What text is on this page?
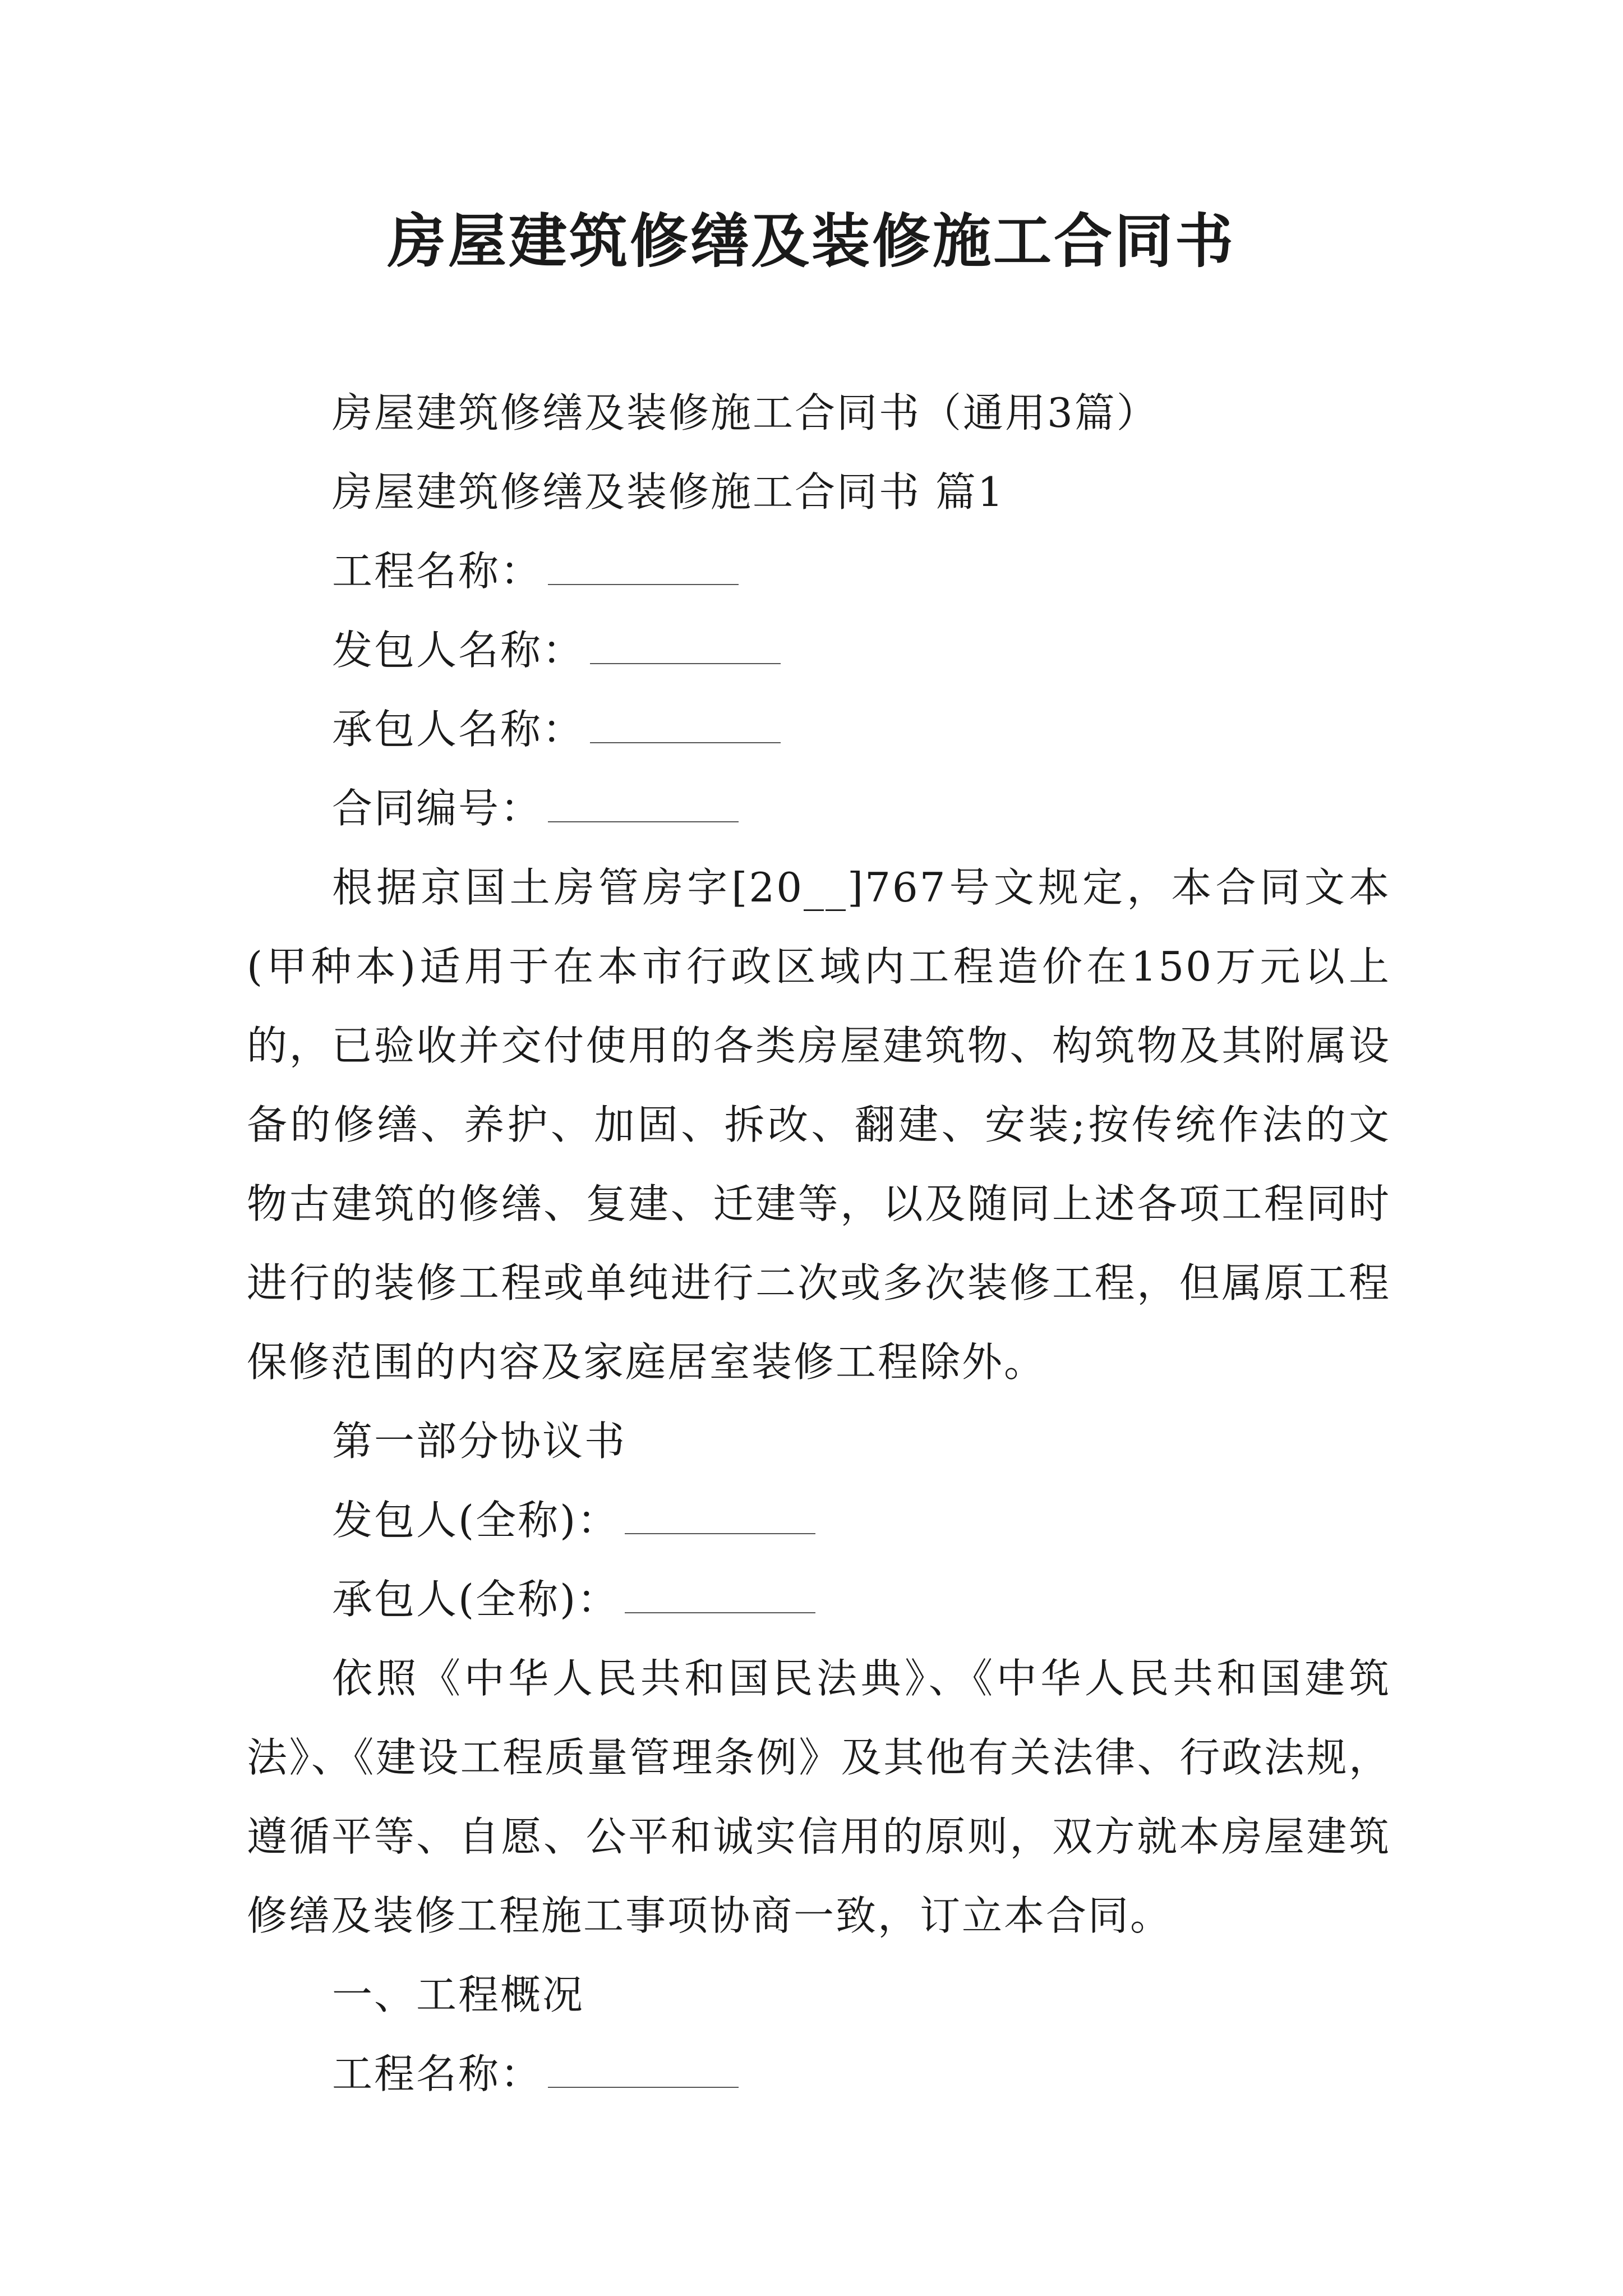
房屋建筑修缮及装修施工合同书

房屋建筑修缮及装修施工合同书（通用3篇）

房屋建筑修缮及装修施工合同书 篇1

工程名称：

发包人名称：

承包人名称：

合同编号：

根据京国土房管房字[20__]767号文规定，本合同文本(甲种本)适用于在本市行政区域内工程造价在150万元以上的，已验收并交付使用的各类房屋建筑物、构筑物及其附属设备的修缮、养护、加固、拆改、翻建、安装;按传统作法的文物古建筑的修缮、复建、迁建等，以及随同上述各项工程同时进行的装修工程或单纯进行二次或多次装修工程，但属原工程保修范围的内容及家庭居室装修工程除外。

第一部分协议书

发包人(全称)：

承包人(全称)：

依照《中华人民共和国民法典》、《中华人民共和国建筑法》、《建设工程质量管理条例》及其他有关法律、行政法规，遵循平等、自愿、公平和诚实信用的原则，双方就本房屋建筑修缮及装修工程施工事项协商一致，订立本合同。

一、工程概况

工程名称：
